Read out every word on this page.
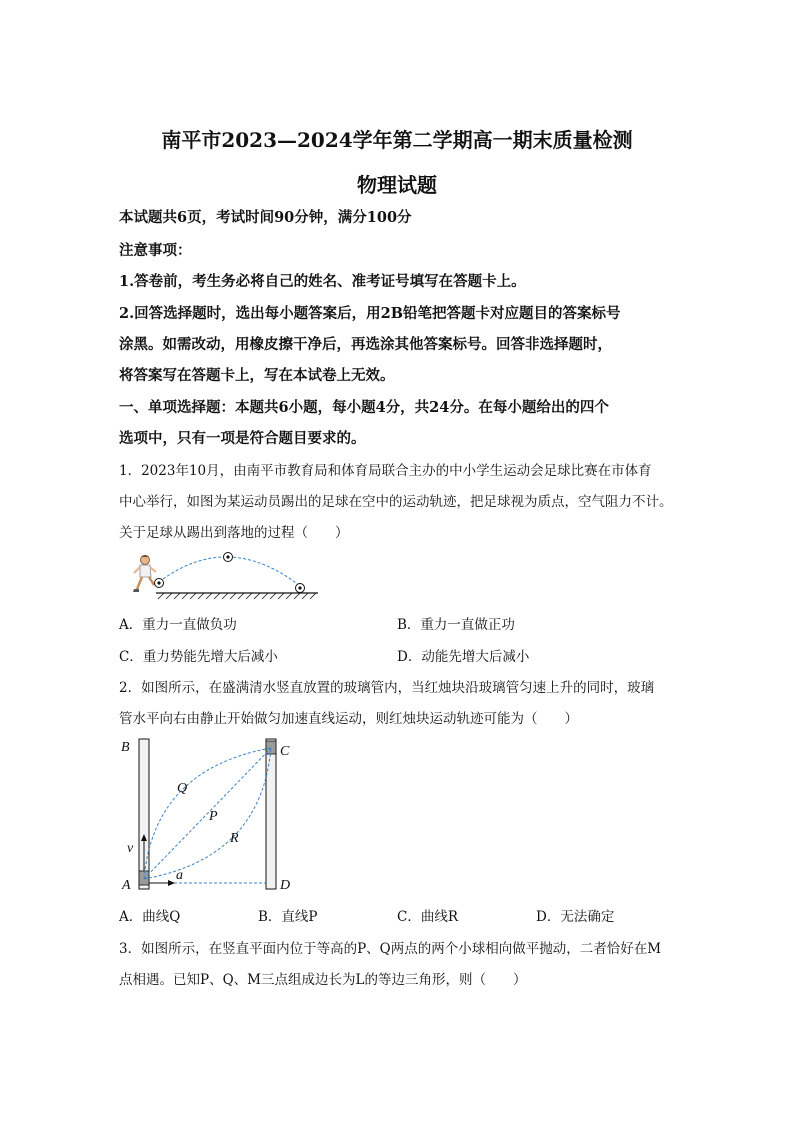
南平市2023—2024学年第二学期高一期末质量检测
物理试题
本试题共6页，考试时间90分钟，满分100分
注意事项：
1.答卷前，考生务必将自己的姓名、准考证号填写在答题卡上。
2.回答选择题时，选出每小题答案后，用2B铅笔把答题卡对应题目的答案标号
涂黑。如需改动，用橡皮擦干净后，再选涂其他答案标号。回答非选择题时，
将答案写在答题卡上，写在本试卷上无效。
一、单项选择题：本题共6小题，每小题4分，共24分。在每小题给出的四个
选项中，只有一项是符合题目要求的。
1．2023年10月，由南平市教育局和体育局联合主办的中小学生运动会足球比赛在市体育
中心举行，如图为某运动员踢出的足球在空中的运动轨迹，把足球视为质点，空气阻力不计。
关于足球从踢出到落地的过程（　　）
A．重力一直做负功	B．重力一直做正功
C．重力势能先增大后减小	D．动能先增大后减小
2．如图所示，在盛满清水竖直放置的玻璃管内，当红烛块沿玻璃管匀速上升的同时，玻璃
管水平向右由静止开始做匀加速直线运动，则红烛块运动轨迹可能为（　　）
B	C
Q
P
R
v
A
a
D
A．曲线Q	B．直线P	C．曲线R	D．无法确定
3．如图所示，在竖直平面内位于等高的P、Q两点的两个小球相向做平抛动，二者恰好在M
点相遇。已知P、Q、M三点组成边长为L的等边三角形，则（　　）
